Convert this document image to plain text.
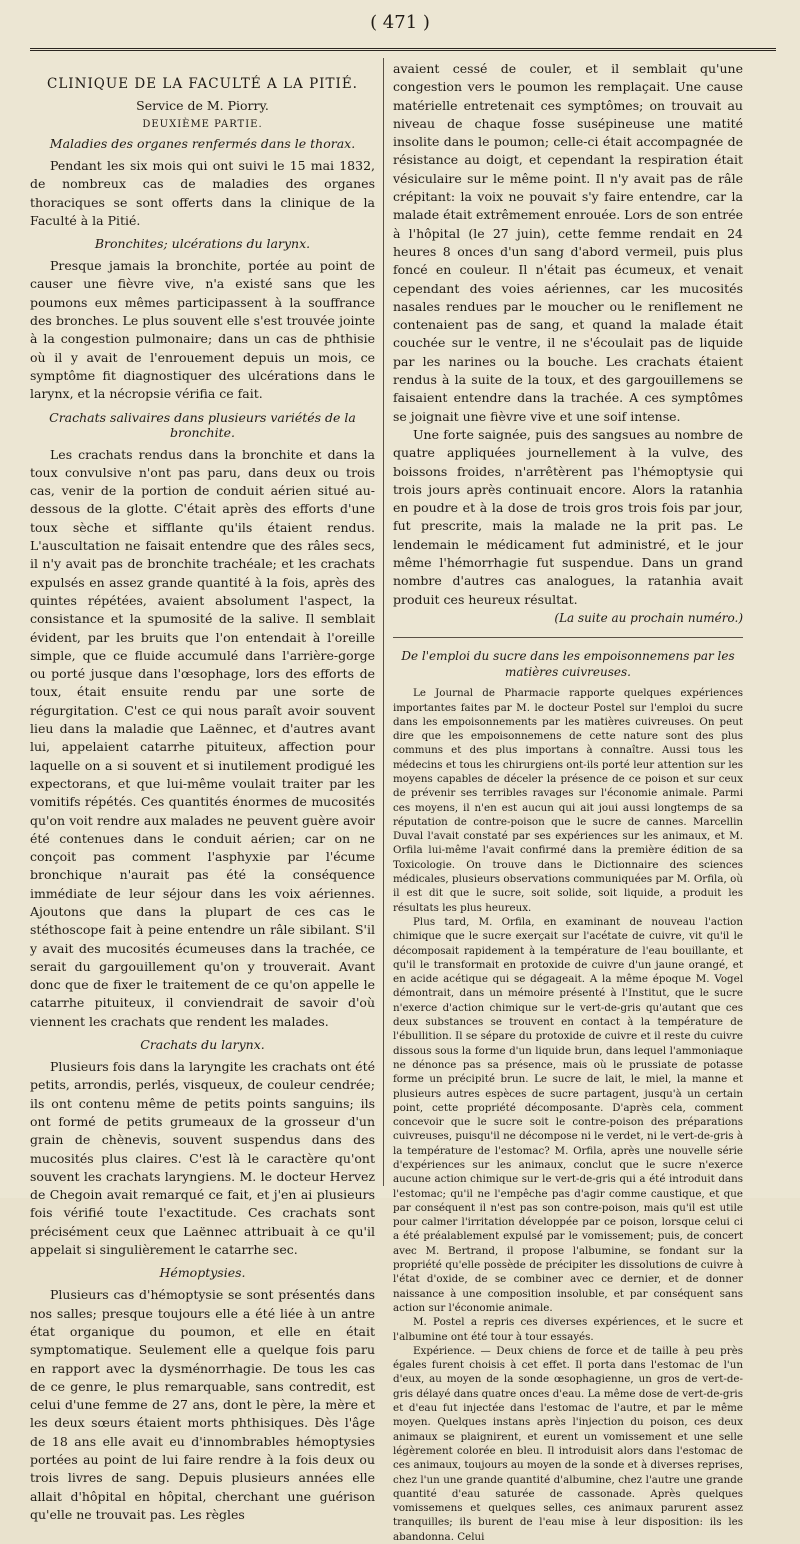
( 471 )
CLINIQUE DE LA FACULTÉ A LA PITIÉ.
Service de M. Piorry.
DEUXIÈME PARTIE.
Maladies des organes renfermés dans le thorax.

Pendant les six mois qui ont suivi le 15 mai 1832, de nombreux cas de maladies des organes thoraciques se sont offerts dans la clinique de la Faculté à la Pitié.

Bronchites; ulcérations du larynx.

Presque jamais la bronchite, portée au point de causer une fièvre vive, n'a existé sans que les poumons eux mêmes participassent à la souffrance des bronches. Le plus souvent elle s'est trouvée jointe à la congestion pulmonaire; dans un cas de phthisie où il y avait de l'enrouement depuis un mois, ce symptôme fit diagnostiquer des ulcérations dans le larynx, et la nécropsie vérifia ce fait.

Crachats salivaires dans plusieurs variétés de la bronchite.

Les crachats rendus dans la bronchite et dans la toux convulsive n'ont pas paru, dans deux ou trois cas, venir de la portion de conduit aérien situé au-dessous de la glotte. C'était après des efforts d'une toux sèche et sifflante qu'ils étaient rendus. L'auscultation ne faisait entendre que des râles secs, il n'y avait pas de bronchite trachéale; et les crachats expulsés en assez grande quantité à la fois, après des quintes répétées, avaient absolument l'aspect, la consistance et la spumosité de la salive. Il semblait évident, par les bruits que l'on entendait à l'oreille simple, que ce fluide accumulé dans l'arrière-gorge ou porté jusque dans l'œsophage, lors des efforts de toux, était ensuite rendu par une sorte de régurgitation. C'est ce qui nous paraît avoir souvent lieu dans la maladie que Laënnec, et d'autres avant lui, appelaient catarrhe pituiteux, affection pour laquelle on a si souvent et si inutilement prodigué les expectorans, et que lui-même voulait traiter par les vomitifs répétés. Ces quantités énormes de mucosités qu'on voit rendre aux malades ne peuvent guère avoir été contenues dans le conduit aérien; car on ne conçoit pas comment l'asphyxie par l'écume bronchique n'aurait pas été la conséquence immédiate de leur séjour dans les voix aériennes. Ajoutons que dans la plupart de ces cas le stéthoscope fait à peine entendre un râle sibilant. S'il y avait des mucosités écumeuses dans la trachée, ce serait du gargouillement qu'on y trouverait. Avant donc que de fixer le traitement de ce qu'on appelle le catarrhe pituiteux, il conviendrait de savoir d'où viennent les crachats que rendent les malades.

Crachats du larynx.

Plusieurs fois dans la laryngite les crachats ont été petits, arrondis, perlés, visqueux, de couleur cendrée; ils ont contenu même de petits points sanguins; ils ont formé de petits grumeaux de la grosseur d'un grain de chènevis, souvent suspendus dans des mucosités plus claires. C'est là le caractère qu'ont souvent les crachats laryngiens. M. le docteur Hervez de Chegoin avait remarqué ce fait, et j'en ai plusieurs fois vérifié toute l'exactitude. Ces crachats sont précisément ceux que Laënnec attribuait à ce qu'il appelait si singulièrement le catarrhe sec.

Hémoptysies.

Plusieurs cas d'hémoptysie se sont présentés dans nos salles; presque toujours elle a été liée à un antre état organique du poumon, et elle en était symptomatique. Seulement elle a quelque fois paru en rapport avec la dysménorrhagie. De tous les cas de ce genre, le plus remarquable, sans contredit, est celui d'une femme de 27 ans, dont le père, la mère et les deux sœurs étaient morts phthisiques. Dès l'âge de 18 ans elle avait eu d'innombrables hémoptysies portées au point de lui faire rendre à la fois deux ou trois livres de sang. Depuis plusieurs années elle allait d'hôpital en hôpital, cherchant une guérison qu'elle ne trouvait pas. Les règles

avaient cessé de couler, et il semblait qu'une congestion vers le poumon les remplaçait. Une cause matérielle entretenait ces symptômes; on trouvait au niveau de chaque fosse susépineuse une matité insolite dans le poumon; celle-ci était accompagnée de résistance au doigt, et cependant la respiration était vésiculaire sur le même point. Il n'y avait pas de râle crépitant: la voix ne pouvait s'y faire entendre, car la malade était extrêmement enrouée. Lors de son entrée à l'hôpital (le 27 juin), cette femme rendait en 24 heures 8 onces d'un sang d'abord vermeil, puis plus foncé en couleur. Il n'était pas écumeux, et venait cependant des voies aériennes, car les mucosités nasales rendues par le moucher ou le reniflement ne contenaient pas de sang, et quand la malade était couchée sur le ventre, il ne s'écoulait pas de liquide par les narines ou la bouche. Les crachats étaient rendus à la suite de la toux, et des gargouillemens se faisaient entendre dans la trachée. A ces symptômes se joignait une fièvre vive et une soif intense.

Une forte saignée, puis des sangsues au nombre de quatre appliquées journellement à la vulve, des boissons froides, n'arrêtèrent pas l'hémoptysie qui trois jours après continuait encore. Alors la ratanhia en poudre et à la dose de trois gros trois fois par jour, fut prescrite, mais la malade ne la prit pas. Le lendemain le médicament fut administré, et le jour même l'hémorrhagie fut suspendue. Dans un grand nombre d'autres cas analogues, la ratanhia avait produit ces heureux résultat.

(La suite au prochain numéro.)

De l'emploi du sucre dans les empoisonnemens par les matières cuivreuses.

Le Journal de Pharmacie rapporte quelques expériences importantes faites par M. le docteur Postel sur l'emploi du sucre dans les empoisonnements par les matières cuivreuses. On peut dire que les empoisonnemens de cette nature sont des plus communs et des plus importans à connaître. Aussi tous les médecins et tous les chirurgiens ont-ils porté leur attention sur les moyens capables de déceler la présence de ce poison et sur ceux de prévenir ses terribles ravages sur l'économie animale. Parmi ces moyens, il n'en est aucun qui ait joui aussi longtemps de sa réputation de contre-poison que le sucre de cannes. Marcellin Duval l'avait constaté par ses expériences sur les animaux, et M. Orfila lui-même l'avait confirmé dans la première édition de sa Toxicologie. On trouve dans le Dictionnaire des sciences médicales, plusieurs observations communiquées par M. Orfila, où il est dit que le sucre, soit solide, soit liquide, a produit les résultats les plus heureux.

Plus tard, M. Orfila, en examinant de nouveau l'action chimique que le sucre exerçait sur l'acétate de cuivre, vit qu'il le décomposait rapidement à la température de l'eau bouillante, et qu'il le transformait en protoxide de cuivre d'un jaune orangé, et en acide acétique qui se dégageait. A la même époque M. Vogel démontrait, dans un mémoire présenté à l'Institut, que le sucre n'exerce d'action chimique sur le vert-de-gris qu'autant que ces deux substances se trouvent en contact à la température de l'ébullition. Il se sépare du protoxide de cuivre et il reste du cuivre dissous sous la forme d'un liquide brun, dans lequel l'ammoniaque ne dénonce pas sa présence, mais où le prussiate de potasse forme un précipité brun. Le sucre de lait, le miel, la manne et plusieurs autres espèces de sucre partagent, jusqu'à un certain point, cette propriété décomposante. D'après cela, comment concevoir que le sucre soit le contre-poison des préparations cuivreuses, puisqu'il ne décompose ni le verdet, ni le vert-de-gris à la température de l'estomac? M. Orfila, après une nouvelle série d'expériences sur les animaux, conclut que le sucre n'exerce aucune action chimique sur le vert-de-gris qui a été introduit dans l'estomac; qu'il ne l'empêche pas d'agir comme caustique, et que par conséquent il n'est pas son contre-poison, mais qu'il est utile pour calmer l'irritation développée par ce poison, lorsque celui ci a été préalablement expulsé par le vomissement; puis, de concert avec M. Bertrand, il propose l'albumine, se fondant sur la propriété qu'elle possède de précipiter les dissolutions de cuivre à l'état d'oxide, de se combiner avec ce dernier, et de donner naissance à une composition insoluble, et par conséquent sans action sur l'économie animale.

M. Postel a repris ces diverses expériences, et le sucre et l'albumine ont été tour à tour essayés.

Expérience. — Deux chiens de force et de taille à peu près égales furent choisis à cet effet. Il porta dans l'estomac de l'un d'eux, au moyen de la sonde œsophagienne, un gros de vert-de-gris délayé dans quatre onces d'eau. La même dose de vert-de-gris et d'eau fut injectée dans l'estomac de l'autre, et par le même moyen. Quelques instans après l'injection du poison, ces deux animaux se plaignirent, et eurent un vomissement et une selle légèrement colorée en bleu. Il introduisit alors dans l'estomac de ces animaux, toujours au moyen de la sonde et à diverses reprises, chez l'un une grande quantité d'albumine, chez l'autre une grande quantité d'eau saturée de cassonade. Après quelques vomissemens et quelques selles, ces animaux parurent assez tranquilles; ils burent de l'eau mise à leur disposition: ils les abandonna. Celui
